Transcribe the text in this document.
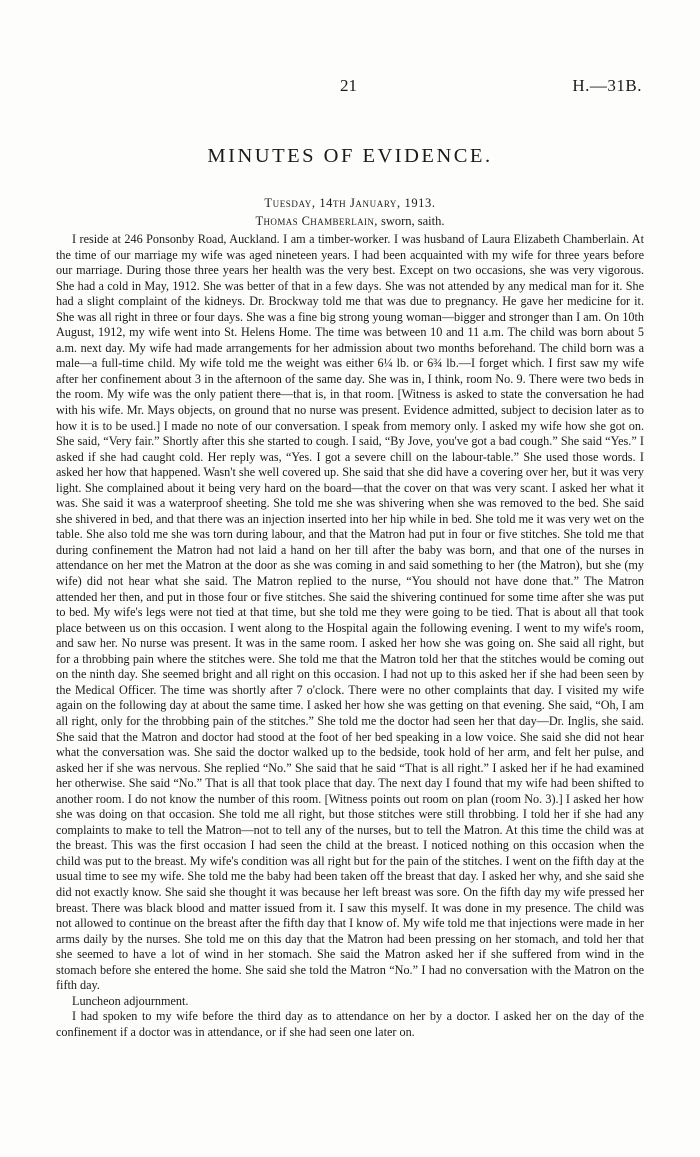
21	H.—31B.
MINUTES OF EVIDENCE.
Tuesday, 14th January, 1913.
Thomas Chamberlain, sworn, saith.

I reside at 246 Ponsonby Road, Auckland. I am a timber-worker. I was husband of Laura Elizabeth Chamberlain. At the time of our marriage my wife was aged nineteen years. I had been acquainted with my wife for three years before our marriage. During those three years her health was the very best. Except on two occasions, she was very vigorous. She had a cold in May, 1912. She was better of that in a few days. She was not attended by any medical man for it. She had a slight complaint of the kidneys. Dr. Brockway told me that was due to pregnancy. He gave her medicine for it. She was all right in three or four days. She was a fine big strong young woman—bigger and stronger than I am. On 10th August, 1912, my wife went into St. Helens Home. The time was between 10 and 11 a.m. The child was born about 5 a.m. next day. My wife had made arrangements for her admission about two months beforehand. The child born was a male—a full-time child. My wife told me the weight was either 6¼ lb. or 6¾ lb.—I forget which. I first saw my wife after her confinement about 3 in the afternoon of the same day. She was in, I think, room No. 9. There were two beds in the room. My wife was the only patient there—that is, in that room. [Witness is asked to state the conversation he had with his wife. Mr. Mays objects, on ground that no nurse was present. Evidence admitted, subject to decision later as to how it is to be used.] I made no note of our conversation. I speak from memory only. I asked my wife how she got on. She said, “Very fair.” Shortly after this she started to cough. I said, “By Jove, you've got a bad cough.” She said “Yes.” I asked if she had caught cold. Her reply was, “Yes. I got a severe chill on the labour-table.” She used those words. I asked her how that happened. Wasn't she well covered up. She said that she did have a covering over her, but it was very light. She complained about it being very hard on the board—that the cover on that was very scant. I asked her what it was. She said it was a waterproof sheeting. She told me she was shivering when she was removed to the bed. She said she shivered in bed, and that there was an injection inserted into her hip while in bed. She told me it was very wet on the table. She also told me she was torn during labour, and that the Matron had put in four or five stitches. She told me that during confinement the Matron had not laid a hand on her till after the baby was born, and that one of the nurses in attendance on her met the Matron at the door as she was coming in and said something to her (the Matron), but she (my wife) did not hear what she said. The Matron replied to the nurse, “You should not have done that.” The Matron attended her then, and put in those four or five stitches. She said the shivering continued for some time after she was put to bed. My wife's legs were not tied at that time, but she told me they were going to be tied. That is about all that took place between us on this occasion. I went along to the Hospital again the following evening. I went to my wife's room, and saw her. No nurse was present. It was in the same room. I asked her how she was going on. She said all right, but for a throbbing pain where the stitches were. She told me that the Matron told her that the stitches would be coming out on the ninth day. She seemed bright and all right on this occasion. I had not up to this asked her if she had been seen by the Medical Officer. The time was shortly after 7 o'clock. There were no other complaints that day. I visited my wife again on the following day at about the same time. I asked her how she was getting on that evening. She said, “Oh, I am all right, only for the throbbing pain of the stitches.” She told me the doctor had seen her that day—Dr. Inglis, she said. She said that the Matron and doctor had stood at the foot of her bed speaking in a low voice. She said she did not hear what the conversation was. She said the doctor walked up to the bedside, took hold of her arm, and felt her pulse, and asked her if she was nervous. She replied “No.” She said that he said “That is all right.” I asked her if he had examined her otherwise. She said “No.” That is all that took place that day. The next day I found that my wife had been shifted to another room. I do not know the number of this room. [Witness points out room on plan (room No. 3).] I asked her how she was doing on that occasion. She told me all right, but those stitches were still throbbing. I told her if she had any complaints to make to tell the Matron—not to tell any of the nurses, but to tell the Matron. At this time the child was at the breast. This was the first occasion I had seen the child at the breast. I noticed nothing on this occasion when the child was put to the breast. My wife's condition was all right but for the pain of the stitches. I went on the fifth day at the usual time to see my wife. She told me the baby had been taken off the breast that day. I asked her why, and she said she did not exactly know. She said she thought it was because her left breast was sore. On the fifth day my wife pressed her breast. There was black blood and matter issued from it. I saw this myself. It was done in my presence. The child was not allowed to continue on the breast after the fifth day that I know of. My wife told me that injections were made in her arms daily by the nurses. She told me on this day that the Matron had been pressing on her stomach, and told her that she seemed to have a lot of wind in her stomach. She said the Matron asked her if she suffered from wind in the stomach before she entered the home. She said she told the Matron “No.” I had no conversation with the Matron on the fifth day.

Luncheon adjournment.

I had spoken to my wife before the third day as to attendance on her by a doctor. I asked her on the day of the confinement if a doctor was in attendance, or if she had seen one later on.
